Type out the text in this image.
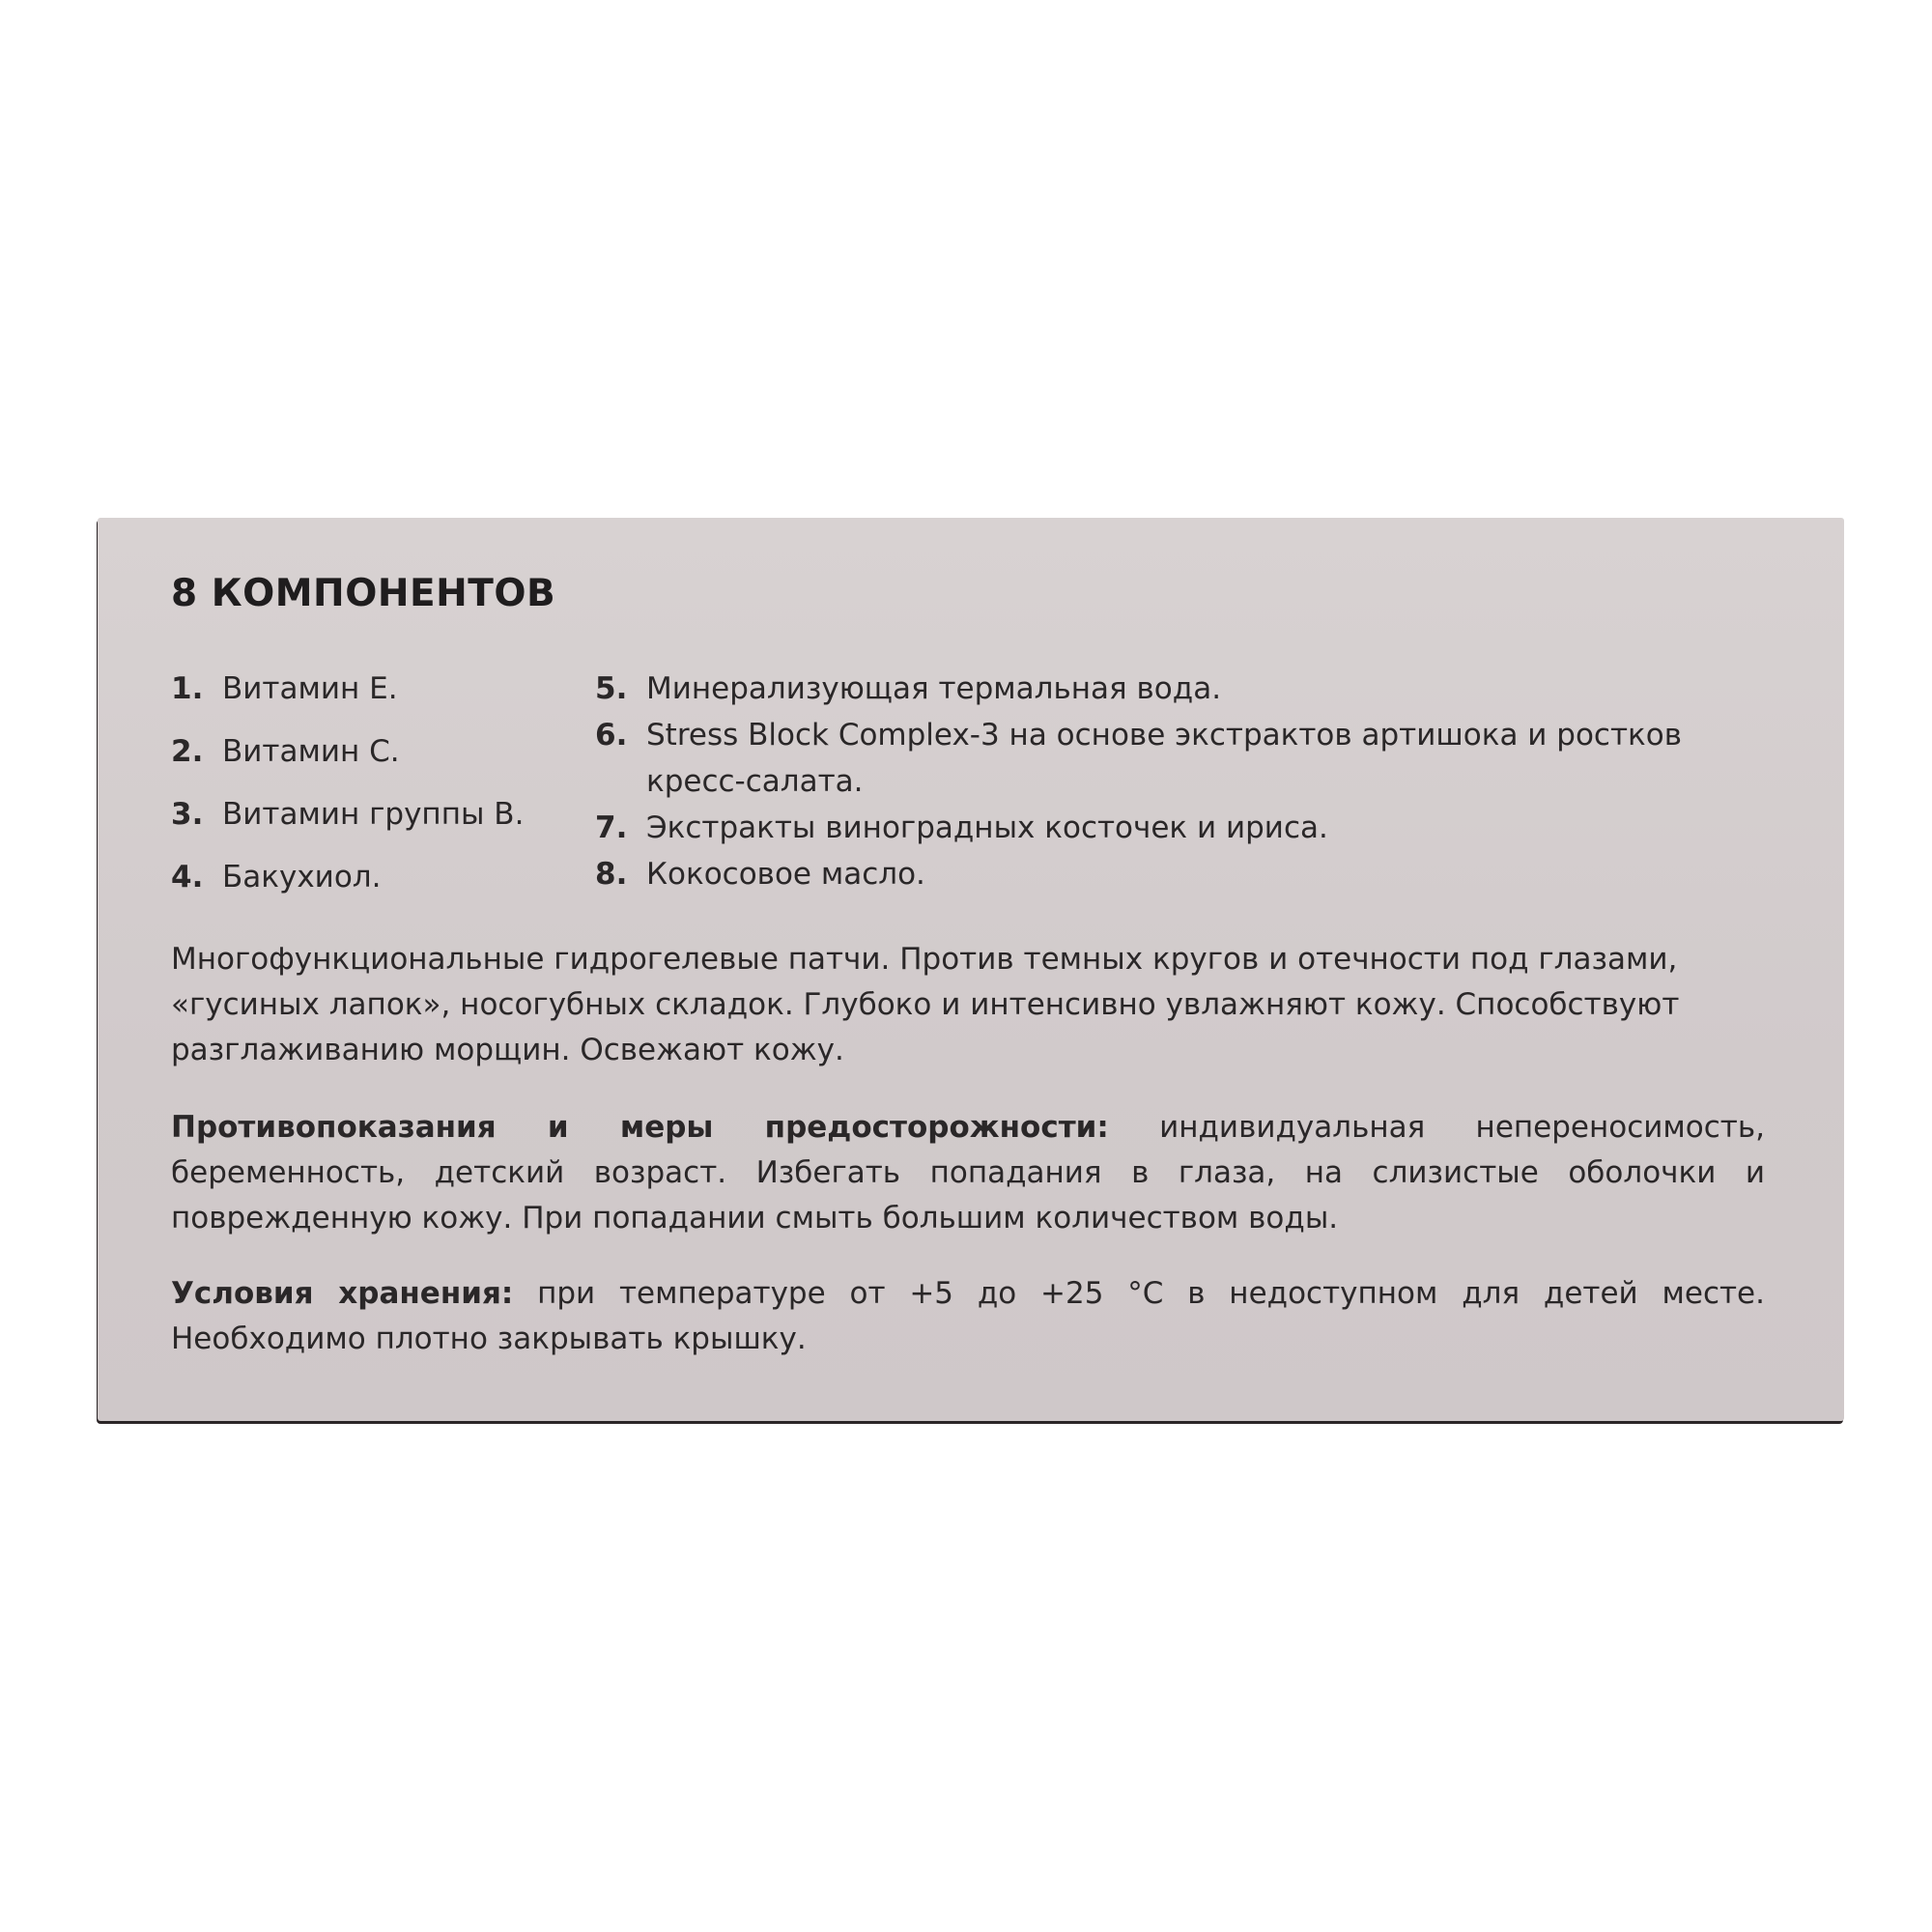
8 КОМПОНЕНТОВ
1. Витамин Е.
2. Витамин С.
3. Витамин группы В.
4. Бакухиол.
5. Минерализующая термальная вода.
6. Stress Block Complex-3 на основе экстрактов артишока и ростков кресс-салата.
7. Экстракты виноградных косточек и ириса.
8. Кокосовое масло.

Многофункциональные гидрогелевые патчи. Против темных кругов и отечности под глазами, «гусиных лапок», носогубных складок. Глубоко и интенсивно увлажняют кожу. Способствуют разглаживанию морщин. Освежают кожу.

Противопоказания и меры предосторожности: индивидуальная непереносимость, беременность, детский возраст. Избегать попадания в глаза, на слизистые оболочки и поврежденную кожу. При попадании смыть большим количеством воды.

Условия хранения: при температуре от +5 до +25 °C в недоступном для детей месте. Необходимо плотно закрывать крышку.
